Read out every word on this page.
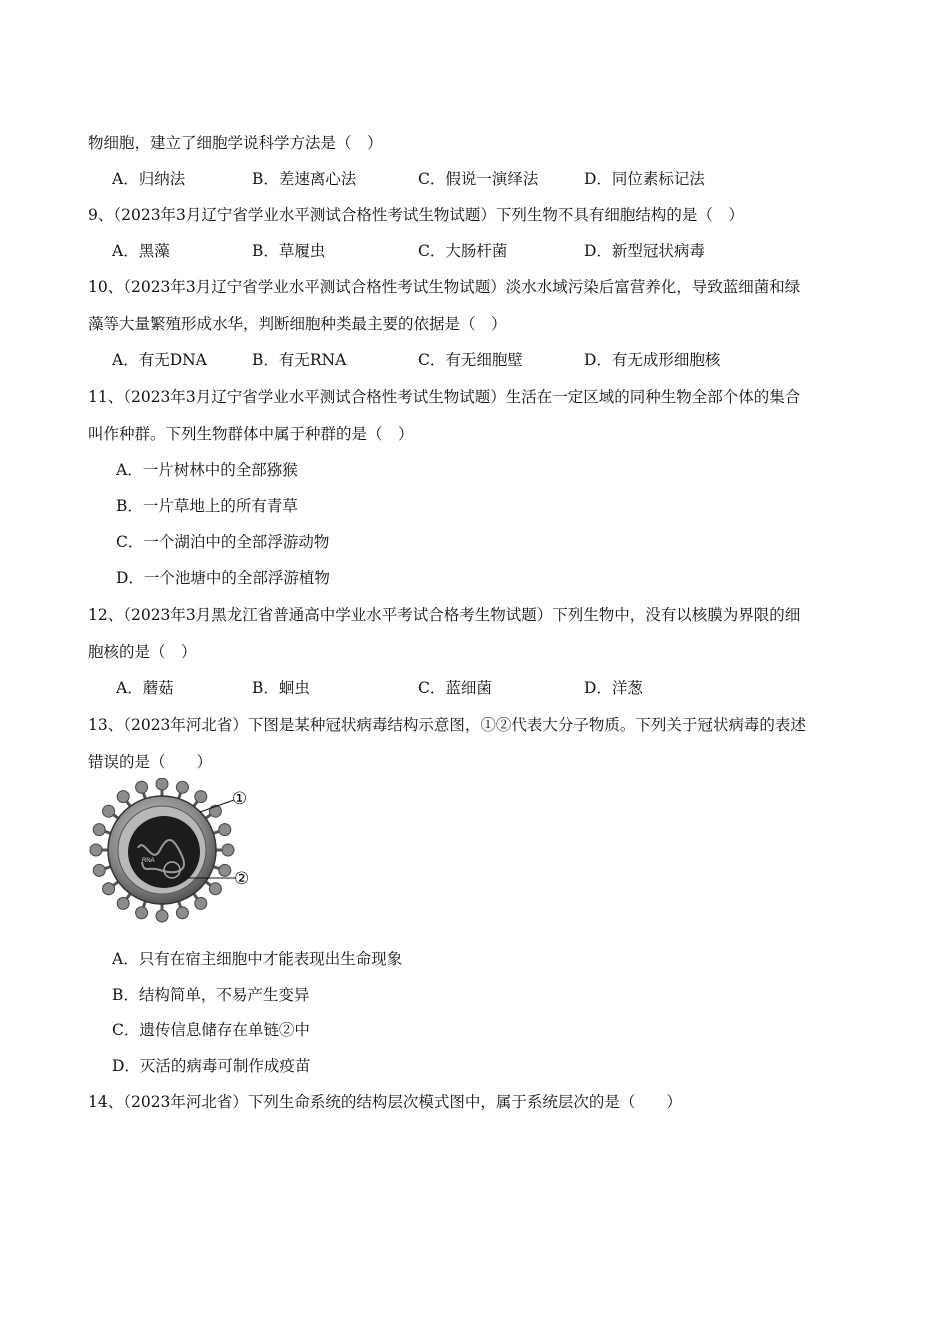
物细胞，建立了细胞学说科学方法是（　）
A．归纳法	B．差速离心法	C．假说一演绎法	D．同位素标记法
9、（2023年3月辽宁省学业水平测试合格性考试生物试题）下列生物不具有细胞结构的是（　）
A．黑藻	B．草履虫	C．大肠杆菌	D．新型冠状病毒
10、（2023年3月辽宁省学业水平测试合格性考试生物试题）淡水水域污染后富营养化，导致蓝细菌和绿
藻等大量繁殖形成水华，判断细胞种类最主要的依据是（　）
A．有无DNA	B．有无RNA	C．有无细胞壁	D．有无成形细胞核
11、（2023年3月辽宁省学业水平测试合格性考试生物试题）生活在一定区域的同种生物全部个体的集合
叫作种群。下列生物群体中属于种群的是（　）
A．一片树林中的全部猕猴
B．一片草地上的所有青草
C．一个湖泊中的全部浮游动物
D．一个池塘中的全部浮游植物
12、（2023年3月黑龙江省普通高中学业水平考试合格考生物试题）下列生物中，没有以核膜为界限的细
胞核的是（　）
A．蘑菇	B．蛔虫	C．蓝细菌	D．洋葱
13、（2023年河北省）下图是某种冠状病毒结构示意图，①②代表大分子物质。下列关于冠状病毒的表述
错误的是（　　）
RNA
①
②
A．只有在宿主细胞中才能表现出生命现象
B．结构简单，不易产生变异
C．遗传信息储存在单链②中
D．灭活的病毒可制作成疫苗
14、（2023年河北省）下列生命系统的结构层次模式图中，属于系统层次的是（　　）
